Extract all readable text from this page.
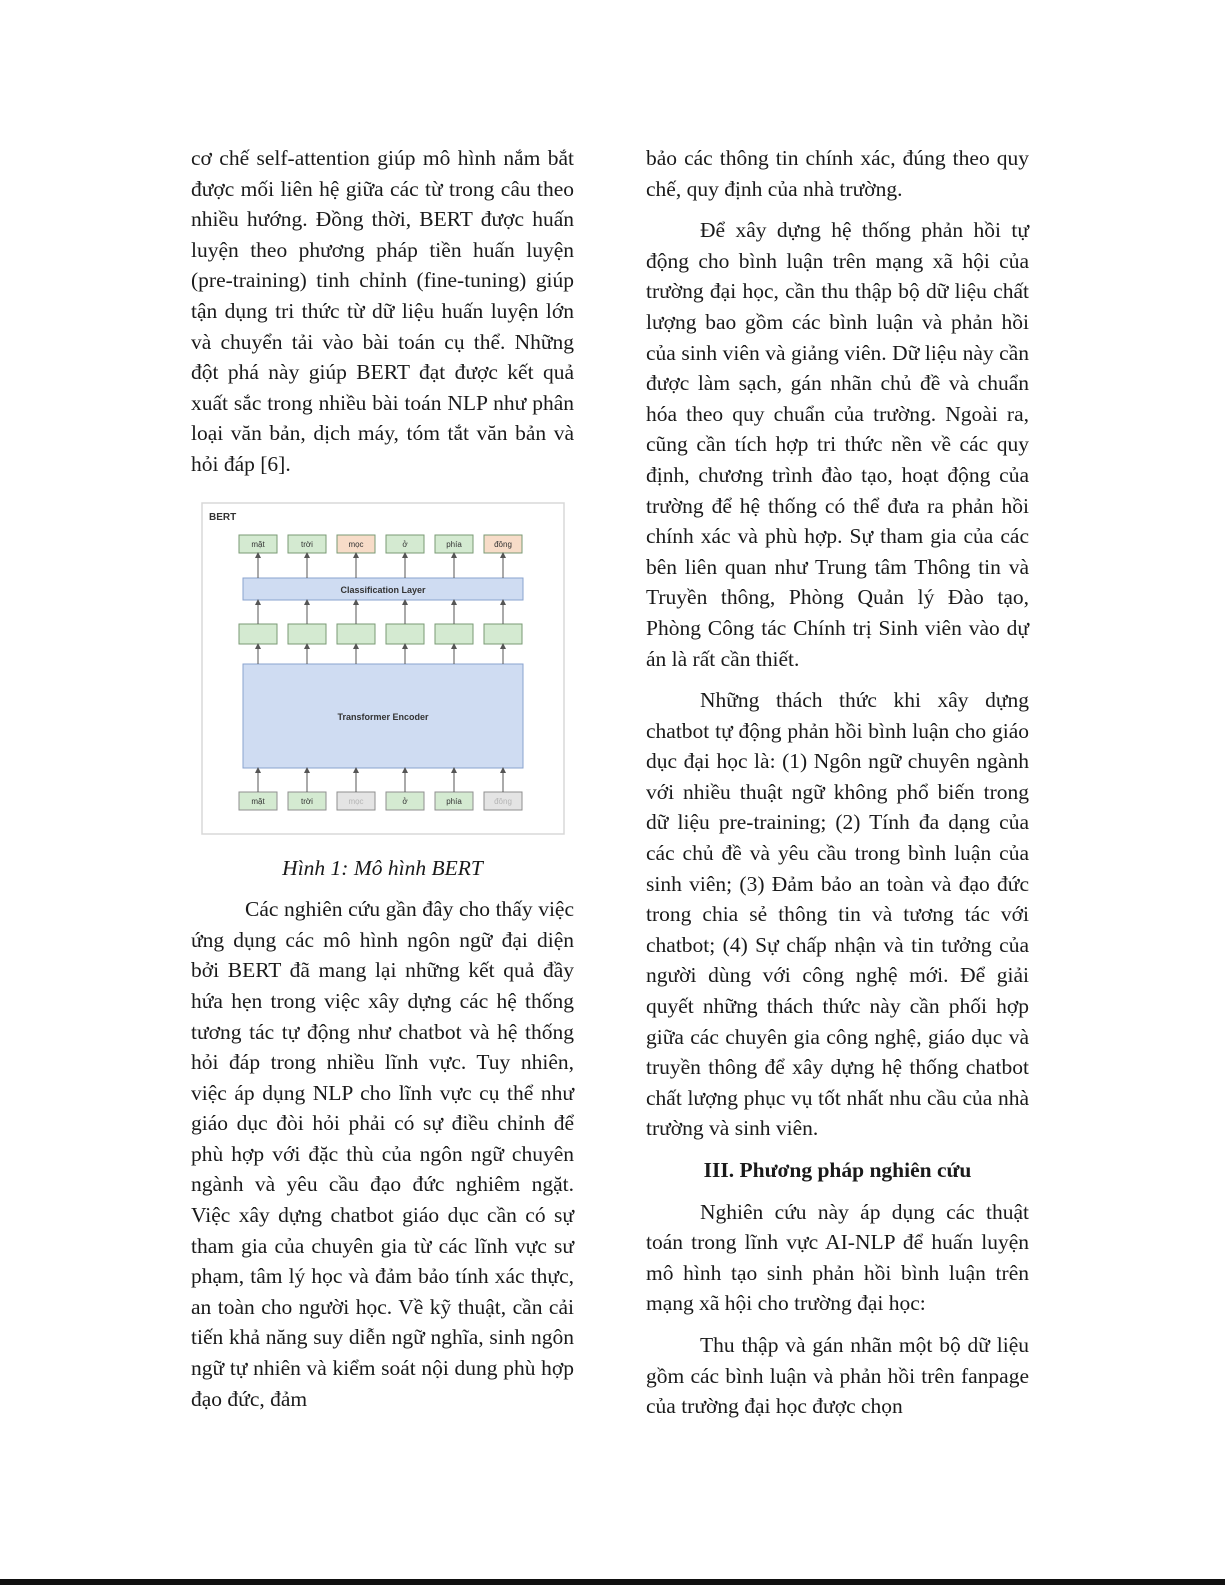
cơ chế self-attention giúp mô hình nắm bắt được mối liên hệ giữa các từ trong câu theo nhiều hướng. Đồng thời, BERT được huấn luyện theo phương pháp tiền huấn luyện (pre-training) tinh chỉnh (fine-tuning) giúp tận dụng tri thức từ dữ liệu huấn luyện lớn và chuyển tải vào bài toán cụ thể. Những đột phá này giúp BERT đạt được kết quả xuất sắc trong nhiều bài toán NLP như phân loại văn bản, dịch máy, tóm tắt văn bản và hỏi đáp [6].

BERT
Classification Layer
Transformer Encoder
mặt
mặt
trời
trời
mọc
mọc
ở
ở
phía
phía
đông
đông

Hình 1: Mô hình BERT

Các nghiên cứu gần đây cho thấy việc ứng dụng các mô hình ngôn ngữ đại diện bởi BERT đã mang lại những kết quả đầy hứa hẹn trong việc xây dựng các hệ thống tương tác tự động như chatbot và hệ thống hỏi đáp trong nhiều lĩnh vực. Tuy nhiên, việc áp dụng NLP cho lĩnh vực cụ thể như giáo dục đòi hỏi phải có sự điều chỉnh để phù hợp với đặc thù của ngôn ngữ chuyên ngành và yêu cầu đạo đức nghiêm ngặt. Việc xây dựng chatbot giáo dục cần có sự tham gia của chuyên gia từ các lĩnh vực sư phạm, tâm lý học và đảm bảo tính xác thực, an toàn cho người học. Về kỹ thuật, cần cải tiến khả năng suy diễn ngữ nghĩa, sinh ngôn ngữ tự nhiên và kiểm soát nội dung phù hợp đạo đức, đảm

bảo các thông tin chính xác, đúng theo quy chế, quy định của nhà trường.

Để xây dựng hệ thống phản hồi tự động cho bình luận trên mạng xã hội của trường đại học, cần thu thập bộ dữ liệu chất lượng bao gồm các bình luận và phản hồi của sinh viên và giảng viên. Dữ liệu này cần được làm sạch, gán nhãn chủ đề và chuẩn hóa theo quy chuẩn của trường. Ngoài ra, cũng cần tích hợp tri thức nền về các quy định, chương trình đào tạo, hoạt động của trường để hệ thống có thể đưa ra phản hồi chính xác và phù hợp. Sự tham gia của các bên liên quan như Trung tâm Thông tin và Truyền thông, Phòng Quản lý Đào tạo, Phòng Công tác Chính trị Sinh viên vào dự án là rất cần thiết.

Những thách thức khi xây dựng chatbot tự động phản hồi bình luận cho giáo dục đại học là: (1) Ngôn ngữ chuyên ngành với nhiều thuật ngữ không phổ biến trong dữ liệu pre-training; (2) Tính đa dạng của các chủ đề và yêu cầu trong bình luận của sinh viên; (3) Đảm bảo an toàn và đạo đức trong chia sẻ thông tin và tương tác với chatbot; (4) Sự chấp nhận và tin tưởng của người dùng với công nghệ mới. Để giải quyết những thách thức này cần phối hợp giữa các chuyên gia công nghệ, giáo dục và truyền thông để xây dựng hệ thống chatbot chất lượng phục vụ tốt nhất nhu cầu của nhà trường và sinh viên.

III. Phương pháp nghiên cứu

Nghiên cứu này áp dụng các thuật toán trong lĩnh vực AI-NLP để huấn luyện mô hình tạo sinh phản hồi bình luận trên mạng xã hội cho trường đại học:

Thu thập và gán nhãn một bộ dữ liệu gồm các bình luận và phản hồi trên fanpage của trường đại học được chọn
